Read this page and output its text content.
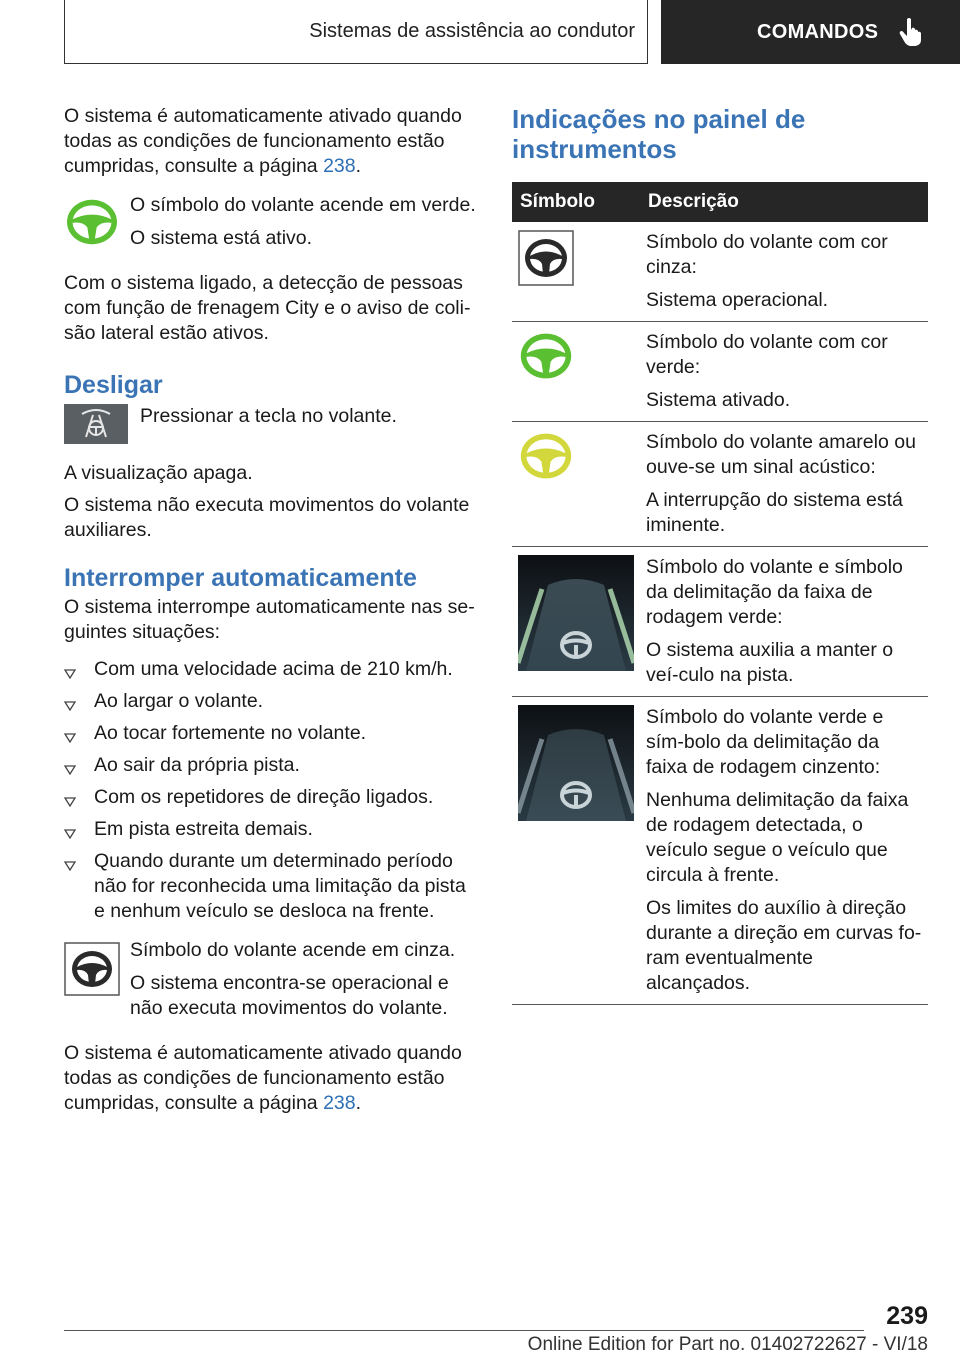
Sistemas de assistência ao condutor	COMANDOS

O sistema é automaticamente ativado quando todas as condições de funcionamento estão cumpridas, consulte a página 238.

O símbolo do volante acende em verde.

O sistema está ativo.

Com o sistema ligado, a detecção de pessoas com função de frenagem City e o aviso de coli‐são lateral estão ativos.

Desligar

Pressionar a tecla no volante.

A visualização apaga.

O sistema não executa movimentos do volante auxiliares.

Interromper automaticamente

O sistema interrompe automaticamente nas se‐guintes situações:

Com uma velocidade acima de 210 km/h.
Ao largar o volante.
Ao tocar fortemente no volante.
Ao sair da própria pista.
Com os repetidores de direção ligados.
Em pista estreita demais.
Quando durante um determinado período não for reconhecida uma limitação da pista e nenhum veículo se desloca na frente.

Símbolo do volante acende em cinza.

O sistema encontra-se operacional e não executa movimentos do volante.

O sistema é automaticamente ativado quando todas as condições de funcionamento estão cumpridas, consulte a página 238.

Indicações no painel de instrumentos
Símbolo	Descrição

Símbolo do volante com cor cinza:

Sistema operacional.

Símbolo do volante com cor verde:

Sistema ativado.

Símbolo do volante amarelo ou ouve-se um sinal acústico:

A interrupção do sistema está iminente.

Símbolo do volante e símbolo da delimitação da faixa de rodagem verde:

O sistema auxilia a manter o veí‐culo na pista.

Símbolo do volante verde e sím‐bolo da delimitação da faixa de rodagem cinzento:

Nenhuma delimitação da faixa de rodagem detectada, o veículo segue o veículo que circula à frente.

Os limites do auxílio à direção durante a direção em curvas fo‐ram eventualmente alcançados.

239
Online Edition for Part no. 01402722627 - VI/18
